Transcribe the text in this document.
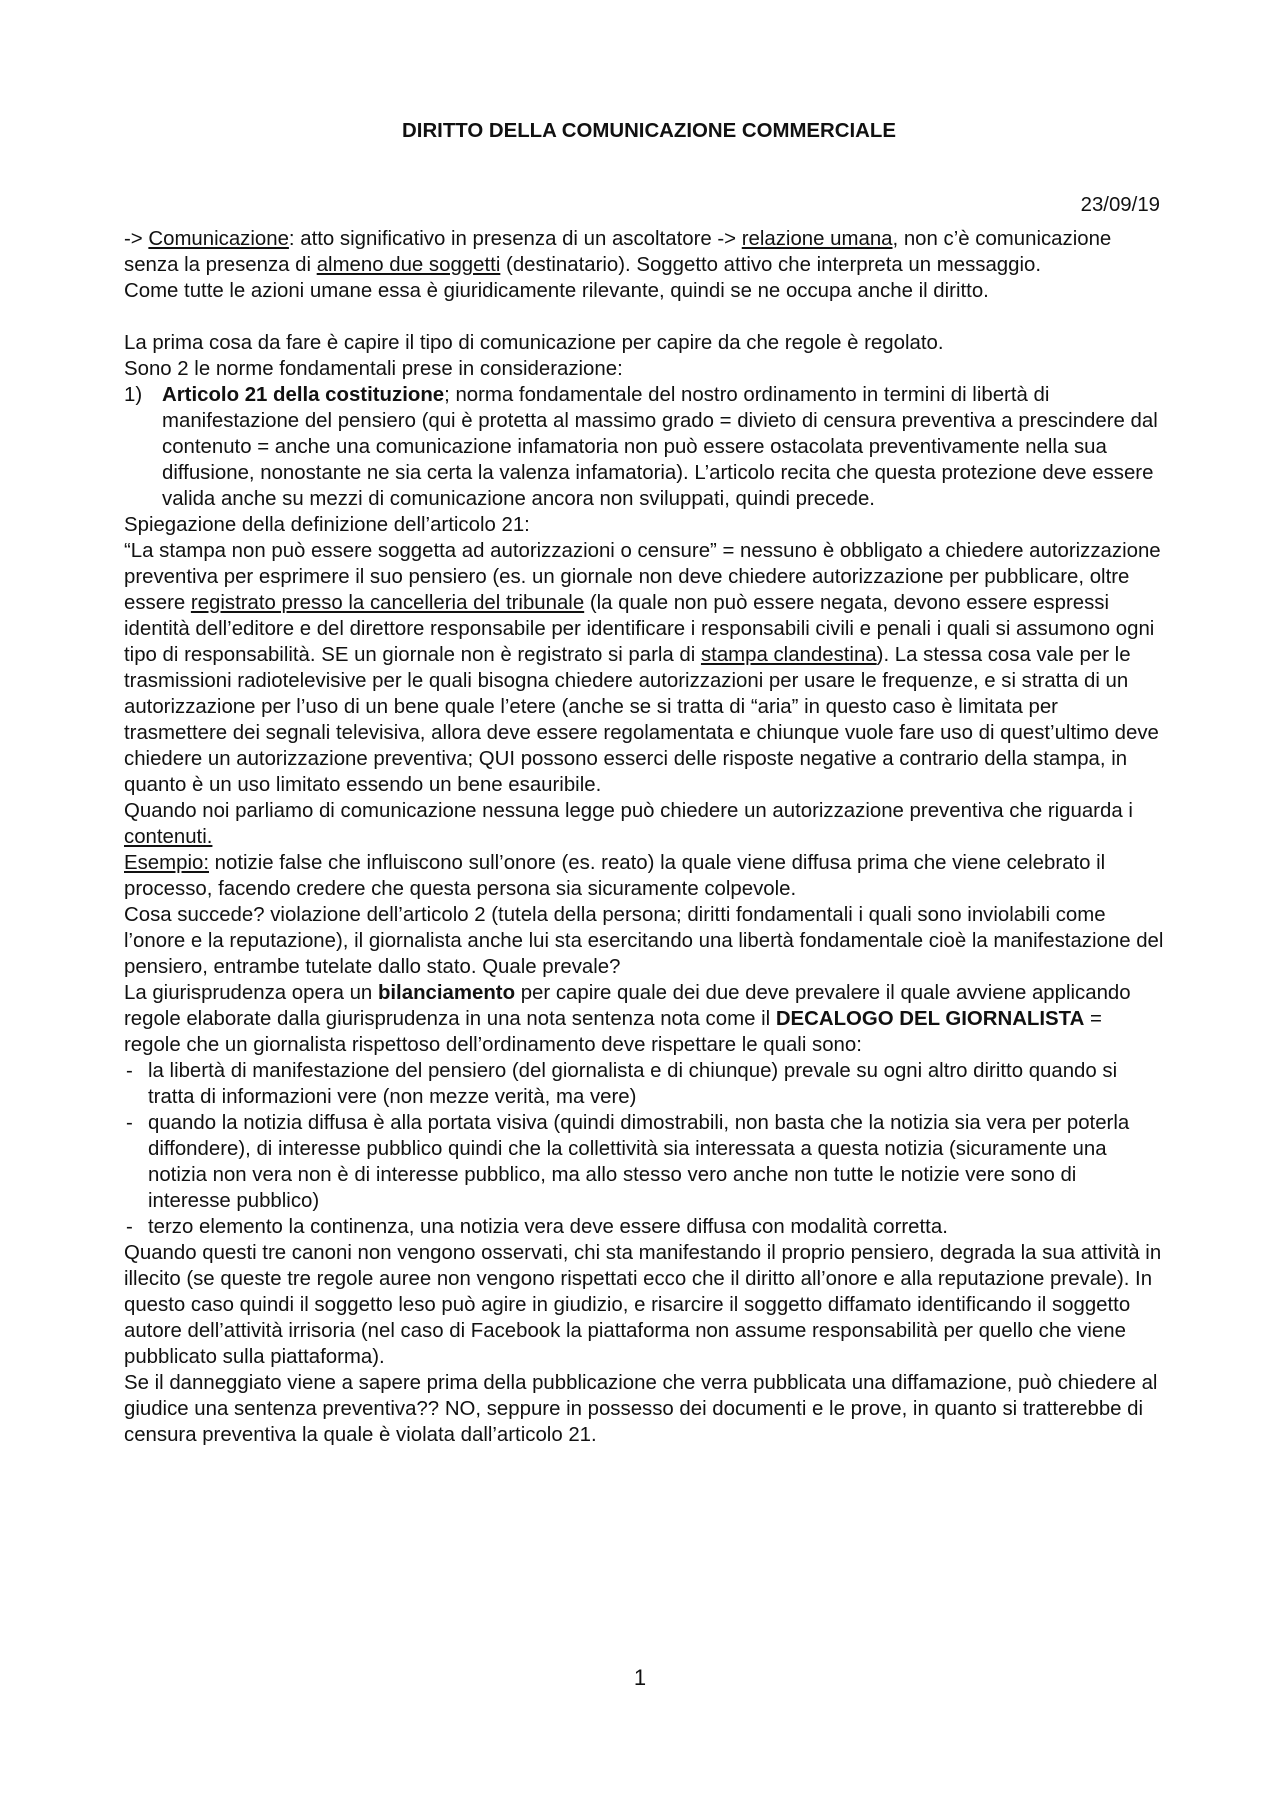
DIRITTO DELLA COMUNICAZIONE COMMERCIALE

23/09/19

-> Comunicazione: atto significativo in presenza di un ascoltatore -> relazione umana, non c’è comunicazione senza la presenza di almeno due soggetti (destinatario). Soggetto attivo che interpreta un messaggio.

Come tutte le azioni umane essa è giuridicamente rilevante, quindi se ne occupa anche il diritto.

La prima cosa da fare è capire il tipo di comunicazione per capire da che regole è regolato.

Sono 2 le norme fondamentali prese in considerazione:

1) Articolo 21 della costituzione; norma fondamentale del nostro ordinamento in termini di libertà di manifestazione del pensiero (qui è protetta al massimo grado = divieto di censura preventiva a prescindere dal contenuto = anche una comunicazione infamatoria non può essere ostacolata preventivamente nella sua diffusione, nonostante ne sia certa la valenza infamatoria). L’articolo recita che questa protezione deve essere valida anche su mezzi di comunicazione ancora non sviluppati, quindi precede.

Spiegazione della definizione dell’articolo 21:

“La stampa non può essere soggetta ad autorizzazioni o censure” = nessuno è obbligato a chiedere autorizzazione preventiva per esprimere il suo pensiero (es. un giornale non deve chiedere autorizzazione per pubblicare, oltre essere registrato presso la cancelleria del tribunale (la quale non può essere negata, devono essere espressi identità dell’editore e del direttore responsabile per identificare i responsabili civili e penali i quali si assumono ogni tipo di responsabilità. SE un giornale non è registrato si parla di stampa clandestina). La stessa cosa vale per le trasmissioni radiotelevisive per le quali bisogna chiedere autorizzazioni per usare le frequenze, e si stratta di un autorizzazione per l’uso di un bene quale l’etere (anche se si tratta di “aria” in questo caso è limitata per trasmettere dei segnali televisiva, allora deve essere regolamentata e chiunque vuole fare uso di quest’ultimo deve chiedere un autorizzazione preventiva; QUI possono esserci delle risposte negative a contrario della stampa, in quanto è un uso limitato essendo un bene esauribile.

Quando noi parliamo di comunicazione nessuna legge può chiedere un autorizzazione preventiva che riguarda i contenuti.

Esempio: notizie false che influiscono sull’onore (es. reato) la quale viene diffusa prima che viene celebrato il processo, facendo credere che questa persona sia sicuramente colpevole.

Cosa succede? violazione dell’articolo 2 (tutela della persona; diritti fondamentali i quali sono inviolabili come l’onore e la reputazione), il giornalista anche lui sta esercitando una libertà fondamentale cioè la manifestazione del pensiero, entrambe tutelate dallo stato. Quale prevale?

La giurisprudenza opera un bilanciamento per capire quale dei due deve prevalere il quale avviene applicando regole elaborate dalla giurisprudenza in una nota sentenza nota come il DECALOGO DEL GIORNALISTA = regole che un giornalista rispettoso dell’ordinamento deve rispettare le quali sono:

- la libertà di manifestazione del pensiero (del giornalista e di chiunque) prevale su ogni altro diritto quando si tratta di informazioni vere (non mezze verità, ma vere)
- quando la notizia diffusa è alla portata visiva (quindi dimostrabili, non basta che la notizia sia vera per poterla diffondere), di interesse pubblico quindi che la collettività sia interessata a questa notizia (sicuramente una notizia non vera non è di interesse pubblico, ma allo stesso vero anche non tutte le notizie vere sono di interesse pubblico)
- terzo elemento la continenza, una notizia vera deve essere diffusa con modalità corretta.

Quando questi tre canoni non vengono osservati, chi sta manifestando il proprio pensiero, degrada la sua attività in illecito (se queste tre regole auree non vengono rispettati ecco che il diritto all’onore e alla reputazione prevale). In questo caso quindi il soggetto leso può agire in giudizio, e risarcire il soggetto diffamato identificando il soggetto autore dell’attività irrisoria (nel caso di Facebook la piattaforma non assume responsabilità per quello che viene pubblicato sulla piattaforma).

Se il danneggiato viene a sapere prima della pubblicazione che verra pubblicata una diffamazione, può chiedere al giudice una sentenza preventiva?? NO, seppure in possesso dei documenti e le prove, in quanto si tratterebbe di censura preventiva la quale è violata dall’articolo 21.

1
